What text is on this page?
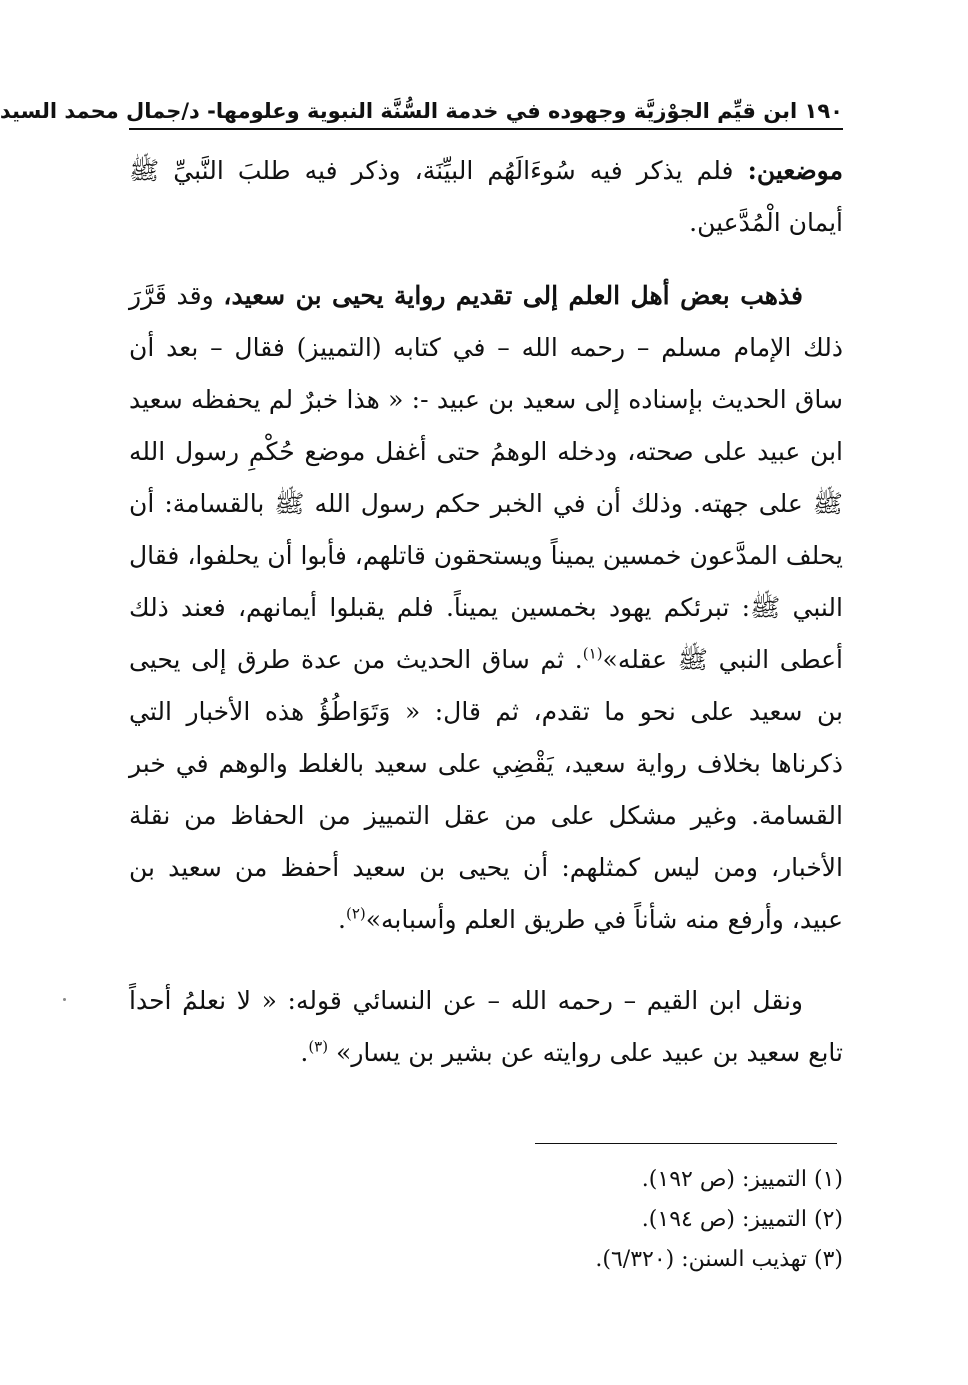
١٩٠ ابن قيِّم الجوْزيَّة وجهوده في خدمة السُّنَّة النبوية وعلومها- د/جمال محمد السيد

موضعين: فلم يذكر فيه سُوءَالَهُم البيِّنَة، وذكر فيه طلبَ النَّبيِّ ﷺ أيمان الْمُدَّعين.

فذهب بعض أهل العلم إلى تقديم رواية يحيى بن سعيد، وقد قَرَّرَ ذلك الإمام مسلم – رحمه الله – في كتابه (التمييز) فقال – بعد أن ساق الحديث بإسناده إلى سعيد بن عبيد -: « هذا خبرٌ لم يحفظه سعيد ابن عبيد على صحته، ودخله الوهمُ حتى أغفل موضع حُكْمِ رسول الله ﷺ على جهته. وذلك أن في الخبر حكم رسول الله ﷺ بالقسامة: أن يحلف المدَّعون خمسين يميناً ويستحقون قاتلهم، فأبوا أن يحلفوا، فقال النبي ﷺ: تبرئكم يهود بخمسين يميناً. فلم يقبلوا أيمانهم، فعند ذلك أعطى النبي ﷺ عقله»$^{(١)}$. ثم ساق الحديث من عدة طرق إلى يحيى بن سعيد على نحو ما تقدم، ثم قال: « وَتَوَاطُؤُ هذه الأخبار التي ذكرناها بخلاف رواية سعيد، يَقْضِي على سعيد بالغلط والوهم في خبر القسامة. وغير مشكل على من عقل التمييز من الحفاظ من نقلة الأخبار، ومن ليس كمثلهم: أن يحيى بن سعيد أحفظ من سعيد بن عبيد، وأرفع منه شأناً في طريق العلم وأسبابه»$^{(٢)}$.

ونقل ابن القيم – رحمه الله – عن النسائي قوله: « لا نعلمُ أحداً تابع سعيد بن عبيد على روايته عن بشير بن يسار» $^{(٣)}$.

(١) التمييز: (ص ١٩٢).

(٢) التمييز: (ص ١٩٤).

(٣) تهذيب السنن: (٦/٣٢٠).
